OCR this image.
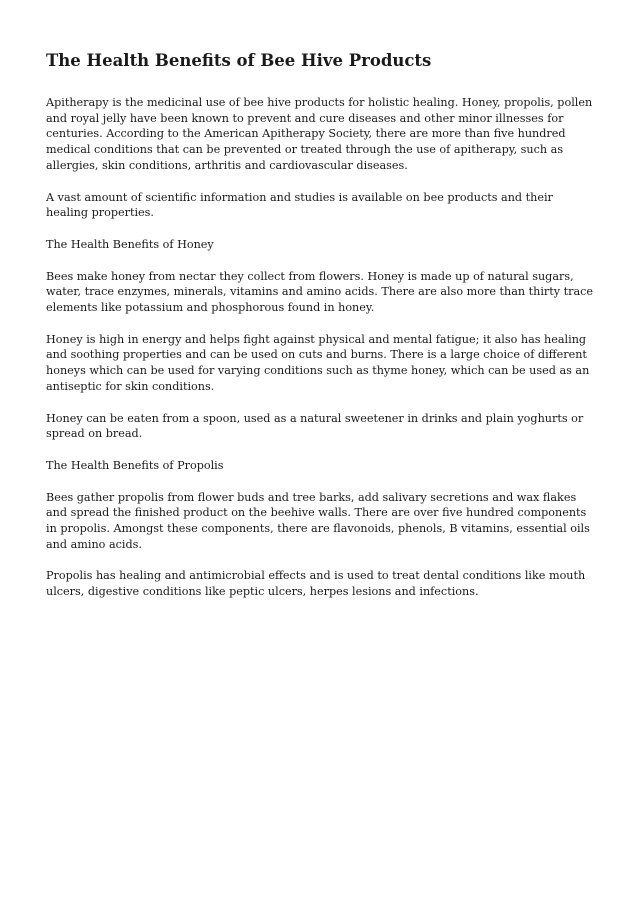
The Health Benefits of Bee Hive Products

Apitherapy is the medicinal use of bee hive products for holistic healing. Honey, propolis, pollen and royal jelly have been known to prevent and cure diseases and other minor illnesses for centuries. According to the American Apitherapy Society, there are more than five hundred medical conditions that can be prevented or treated through the use of apitherapy, such as allergies, skin conditions, arthritis and cardiovascular diseases.

A vast amount of scientific information and studies is available on bee products and their healing properties.

The Health Benefits of Honey

Bees make honey from nectar they collect from flowers. Honey is made up of natural sugars, water, trace enzymes, minerals, vitamins and amino acids. There are also more than thirty trace elements like potassium and phosphorous found in honey.

Honey is high in energy and helps fight against physical and mental fatigue; it also has healing and soothing properties and can be used on cuts and burns. There is a large choice of different honeys which can be used for varying conditions such as thyme honey, which can be used as an antiseptic for skin conditions.

Honey can be eaten from a spoon, used as a natural sweetener in drinks and plain yoghurts or spread on bread.

The Health Benefits of Propolis

Bees gather propolis from flower buds and tree barks, add salivary secretions and wax flakes and spread the finished product on the beehive walls. There are over five hundred components in propolis. Amongst these components, there are flavonoids, phenols, B vitamins, essential oils and amino acids.

Propolis has healing and antimicrobial effects and is used to treat dental conditions like mouth ulcers, digestive conditions like peptic ulcers, herpes lesions and infections.
